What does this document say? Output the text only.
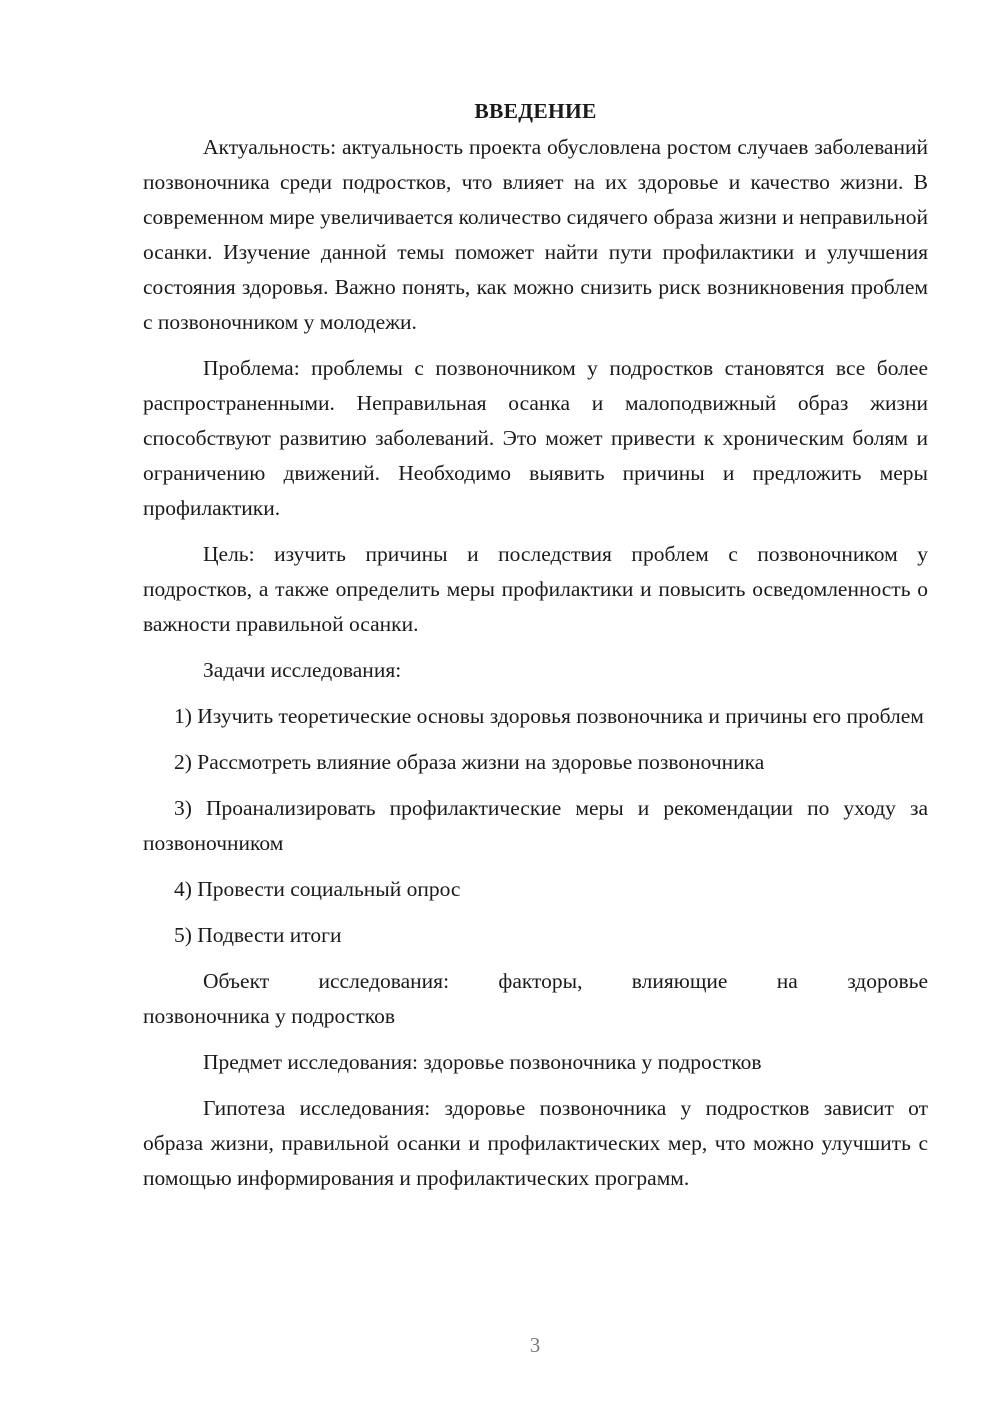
ВВЕДЕНИЕ

Актуальность: актуальность проекта обусловлена ростом случаев заболеваний позвоночника среди подростков, что влияет на их здоровье и качество жизни. В современном мире увеличивается количество сидячего образа жизни и неправильной осанки. Изучение данной темы поможет найти пути профилактики и улучшения состояния здоровья. Важно понять, как можно снизить риск возникновения проблем с позвоночником у молодежи.

Проблема: проблемы с позвоночником у подростков становятся все более распространенными. Неправильная осанка и малоподвижный образ жизни способствуют развитию заболеваний. Это может привести к хроническим болям и ограничению движений. Необходимо выявить причины и предложить меры профилактики.

Цель: изучить причины и последствия проблем с позвоночником у подростков, а также определить меры профилактики и повысить осведомленность о важности правильной осанки.

Задачи исследования:

1) Изучить теоретические основы здоровья позвоночника и причины его проблем

2) Рассмотреть влияние образа жизни на здоровье позвоночника

3) Проанализировать профилактические меры и рекомендации по уходу за позвоночником

4) Провести социальный опрос

5) Подвести итоги

Объект исследования: факторы, влияющие на здоровье

позвоночника у подростков

Предмет исследования: здоровье позвоночника у подростков

Гипотеза исследования: здоровье позвоночника у подростков зависит от образа жизни, правильной осанки и профилактических мер, что можно улучшить с помощью информирования и профилактических программ.

3
